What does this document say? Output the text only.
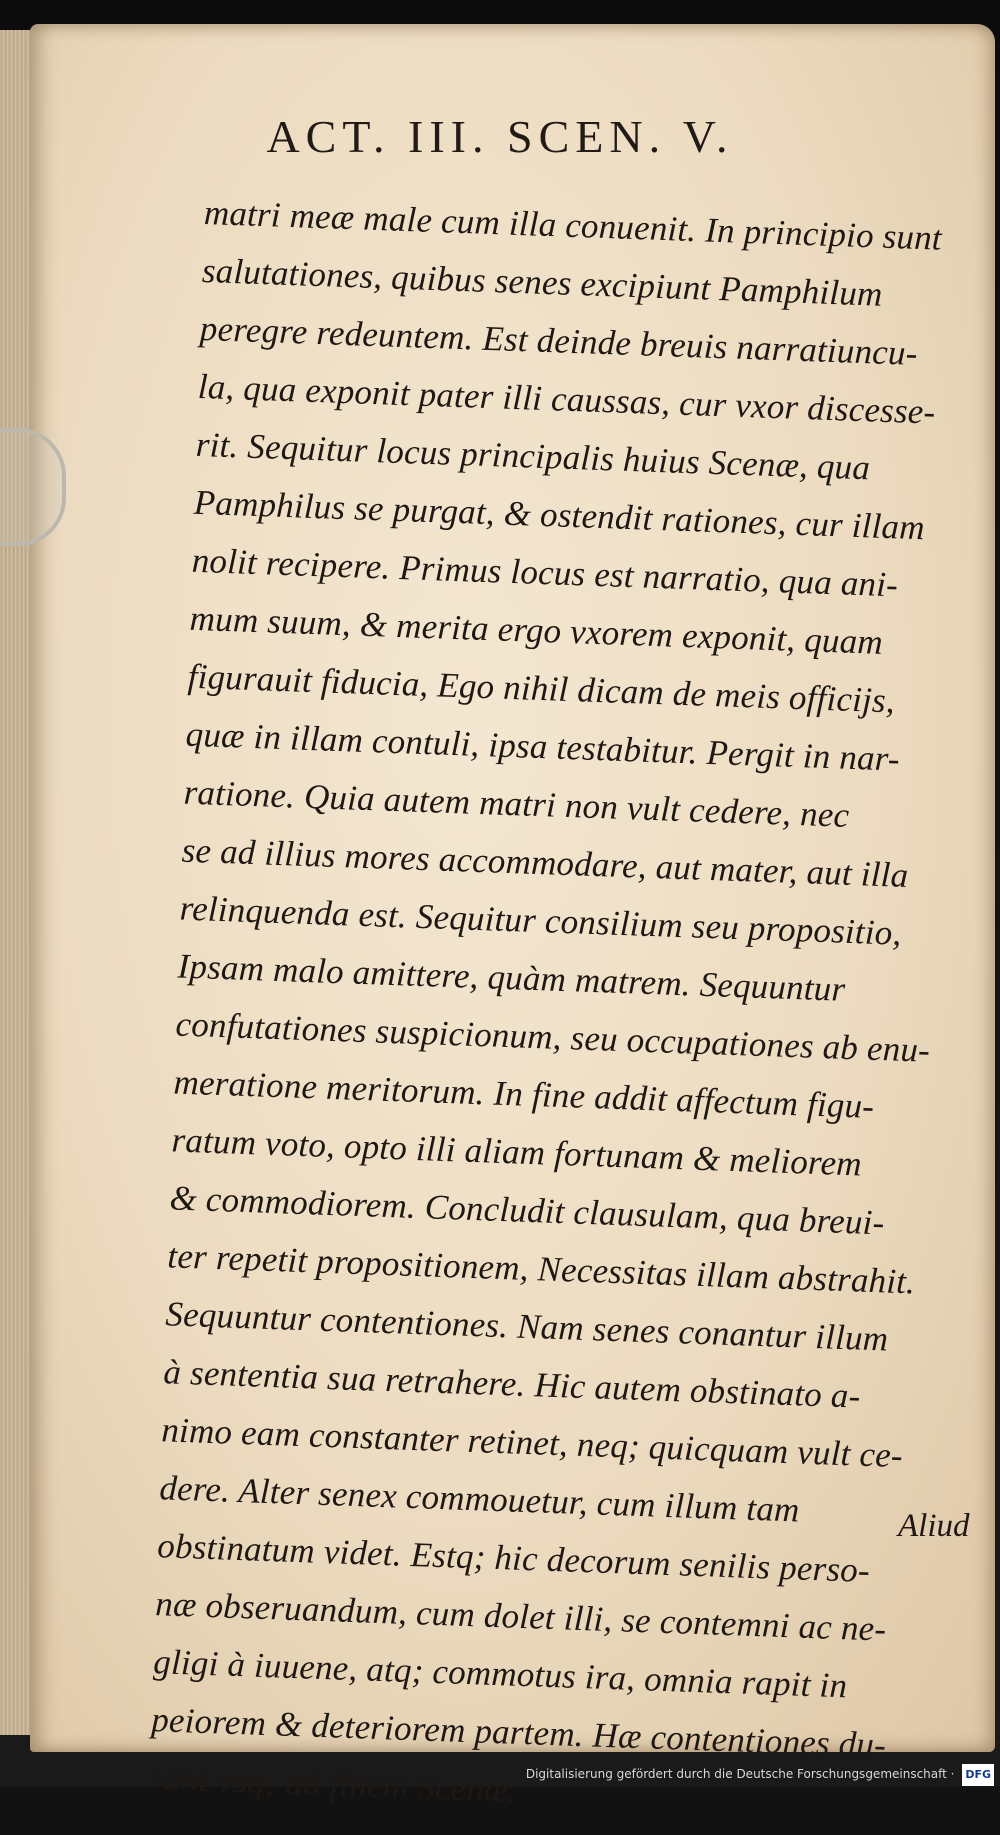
ACT. III. SCEN. V.
matri meæ male cum illa conuenit. In principio sunt
salutationes, quibus senes excipiunt Pamphilum
peregre redeuntem. Est deinde breuis narratiuncu-
la, qua exponit pater illi caussas, cur vxor discesse-
rit. Sequitur locus principalis huius Scenæ, qua
Pamphilus se purgat, & ostendit rationes, cur illam
nolit recipere. Primus locus est narratio, qua ani-
mum suum, & merita ergo vxorem exponit, quam
figurauit fiducia, Ego nihil dicam de meis officijs,
quæ in illam contuli, ipsa testabitur. Pergit in nar-
ratione. Quia autem matri non vult cedere, nec
se ad illius mores accommodare, aut mater, aut illa
relinquenda est. Sequitur consilium seu propositio,
Ipsam malo amittere, quàm matrem. Sequuntur
confutationes suspicionum, seu occupationes ab enu-
meratione meritorum. In fine addit affectum figu-
ratum voto, opto illi aliam fortunam & meliorem
& commodiorem. Concludit clausulam, qua breui-
ter repetit propositionem, Necessitas illam abstrahit.
Sequuntur contentiones. Nam senes conantur illum
à sententia sua retrahere. Hic autem obstinato a-
nimo eam constanter retinet, neq; quicquam vult ce-
dere. Alter senex commouetur, cum illum tam
obstinatum videt. Estq; hic decorum senilis perso-
næ obseruandum, cum dolet illi, se contemni ac ne-
gligi à iuuene, atq; commotus ira, omnia rapit in
peiorem & deteriorem partem. Hæ contentiones du-
rant vsq; ad finem Scenæ.
Aliud
Digitalisierung gefördert durch die Deutsche Forschungsgemeinschaft · DFG
